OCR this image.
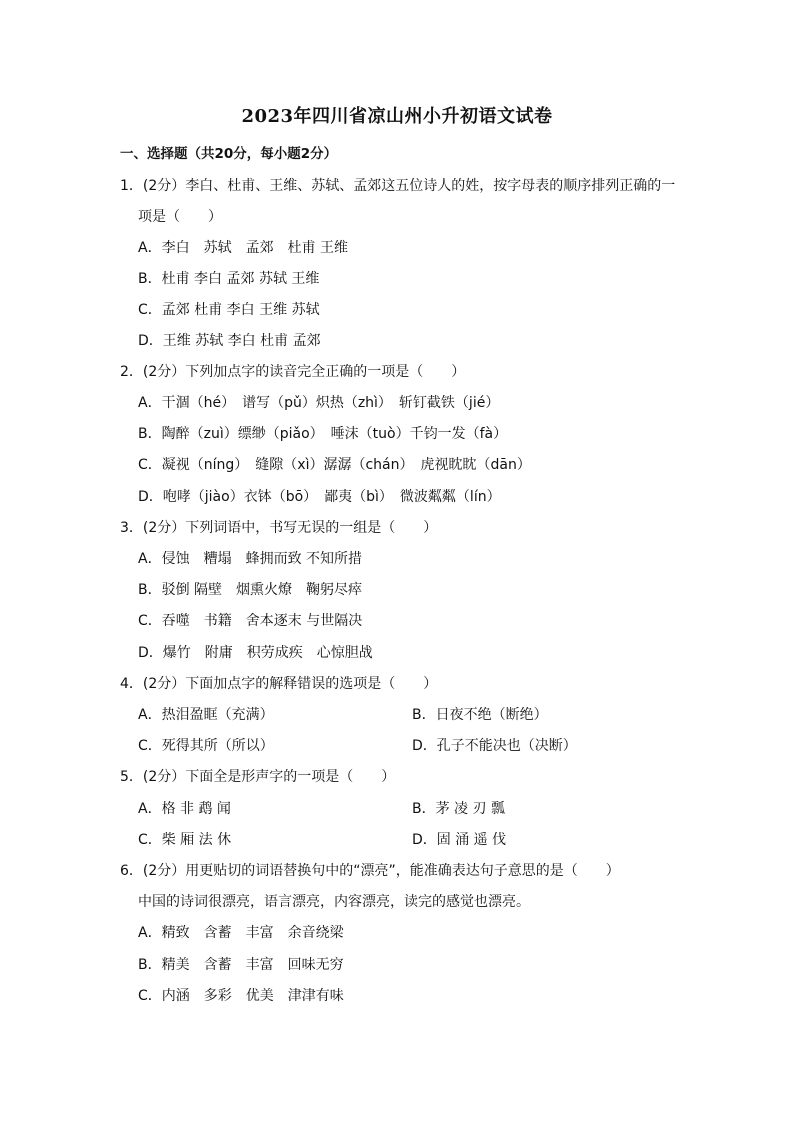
2023年四川省凉山州小升初语文试卷
一、选择题（共20分，每小题2分）
1．(2分）李白、杜甫、王维、苏轼、孟郊这五位诗人的姓，按字母表的顺序排列正确的一
项是（　　）
A．李白　苏轼　孟郊　杜甫 王维
B．杜甫 李白 孟郊 苏轼 王维
C．孟郊 杜甫 李白 王维 苏轼
D．王维 苏轼 李白 杜甫 孟郊
2．(2分）下列加点字的读音完全正确的一项是（　　）
A．干涸（hé）　谱写（pǔ）炽热（zhì）　斩钉截铁（jié）
B．陶醉（zuì）缥缈（piǎo）　唾沫（tuò）千钧一发（fà）
C．凝视（níng）　缝隙（xì）潺潺（chán）　虎视眈眈（dān）
D．咆哮（jiào）衣钵（bō）　鄙夷（bì）　微波粼粼（lín）
3．(2分）下列词语中，书写无误的一组是（　　）
A．侵蚀　糟塌　蜂拥而致 不知所措
B．驳倒 隔壁　烟熏火燎　鞠躬尽瘁
C．吞噬　书籍　舍本逐末 与世隔决
D．爆竹　附庸　积劳成疾　心惊胆战
4．(2分）下面加点字的解释错误的选项是（　　）
A．热泪盈眶（充满）	B．日夜不绝（断绝）
C．死得其所（所以）	D．孔子不能决也（决断）
5．(2分）下面全是形声字的一项是（　　）
A．格 非 鹉 闻	B．茅 凌 刃 瓢
C．柴 厢 法 休	D．固 涌 遥 伐
6．(2分）用更贴切的词语替换句中的“漂亮”，能准确表达句子意思的是（　　）
中国的诗词很漂亮，语言漂亮，内容漂亮，读完的感觉也漂亮。
A．精致　含蓄　丰富　余音绕梁
B．精美　含蓄　丰富　回味无穷
C．内涵　多彩　优美　津津有味
